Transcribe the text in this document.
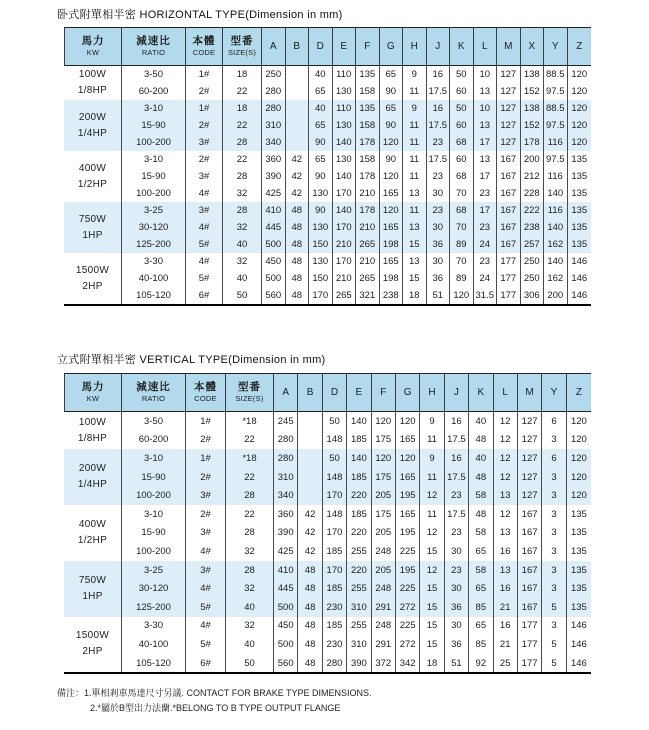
卧式附單相半密 HORIZONTAL TYPE(Dimension in mm)
馬力
KW

減速比
RATIO

本體
CODE

型番
SIZE(S)
	A	B	D	E	F	G	H	J	K	L	M	X	Y	Z

100W
1/8HP	3-50	1#	18	250		40	110	135	65	9	16	50	10	127	138	88.5	120
	60-200	2#	22	280		65	130	158	90	11	17.5	60	13	127	152	97.5	120

200W
1/4HP	3-10	1#	18	280		40	110	135	65	9	16	50	10	127	138	88.5	120
	15-90	2#	22	310		65	130	158	90	11	17.5	60	13	127	152	97.5	120
	100-200	3#	28	340		90	140	178	120	11	23	68	17	127	178	116	120

400W
1/2HP	3-10	2#	22	360	42	65	130	158	90	11	17.5	60	13	167	200	97.5	135
	15-90	3#	28	390	42	90	140	178	120	11	23	68	17	167	212	116	135
	100-200	4#	32	425	42	130	170	210	165	13	30	70	23	167	228	140	135

750W
1HP	3-25	3#	28	410	48	90	140	178	120	11	23	68	17	167	222	116	135
	30-120	4#	32	445	48	130	170	210	165	13	30	70	23	167	238	140	135
	125-200	5#	40	500	48	150	210	265	198	15	36	89	24	167	257	162	135

1500W
2HP	3-30	4#	32	450	48	130	170	210	165	13	30	70	23	177	250	140	146
	40-100	5#	40	500	48	150	210	265	198	15	36	89	24	177	250	162	146
	105-120	6#	50	560	48	170	265	321	238	18	51	120	31.5	177	306	200	146
立式附單相半密 VERTICAL TYPE(Dimension in mm)
馬力
KW

減速比
RATIO

本體
CODE

型番
SIZE(S)
	A	B	D	E	F	G	H	J	K	L	M	Y	Z

100W
1/8HP	3-50	1#	*18	245		50	140	120	120	9	16	40	12	127	6	120
	60-200	2#	22	280		148	185	175	165	11	17.5	48	12	127	3	120

200W
1/4HP	3-10	1#	*18	280		50	140	120	120	9	16	40	12	127	6	120
	15-90	2#	22	310		148	185	175	165	11	17.5	48	12	127	3	120
	100-200	3#	28	340		170	220	205	195	12	23	58	13	127	3	120

400W
1/2HP	3-10	2#	22	360	42	148	185	175	165	11	17.5	48	12	167	3	135
	15-90	3#	28	390	42	170	220	205	195	12	23	58	13	167	3	135
	100-200	4#	32	425	42	185	255	248	225	15	30	65	16	167	3	135

750W
1HP	3-25	3#	28	410	48	170	220	205	195	12	23	58	13	167	3	135
	30-120	4#	32	445	48	185	255	248	225	15	30	65	16	167	3	135
	125-200	5#	40	500	48	230	310	291	272	15	36	85	21	167	5	135

1500W
2HP	3-30	4#	32	450	48	185	255	248	225	15	30	65	16	177	3	146
	40-100	5#	40	500	48	230	310	291	272	15	36	85	21	177	5	146
	105-120	6#	50	560	48	280	390	372	342	18	51	92	25	177	5	146
備注：1.單相剎車馬達尺寸另議. CONTACT FOR BRAKE TYPE DIMENSIONS.
2.*屬於B型出力法蘭.*BELONG TO B TYPE OUTPUT FLANGE
